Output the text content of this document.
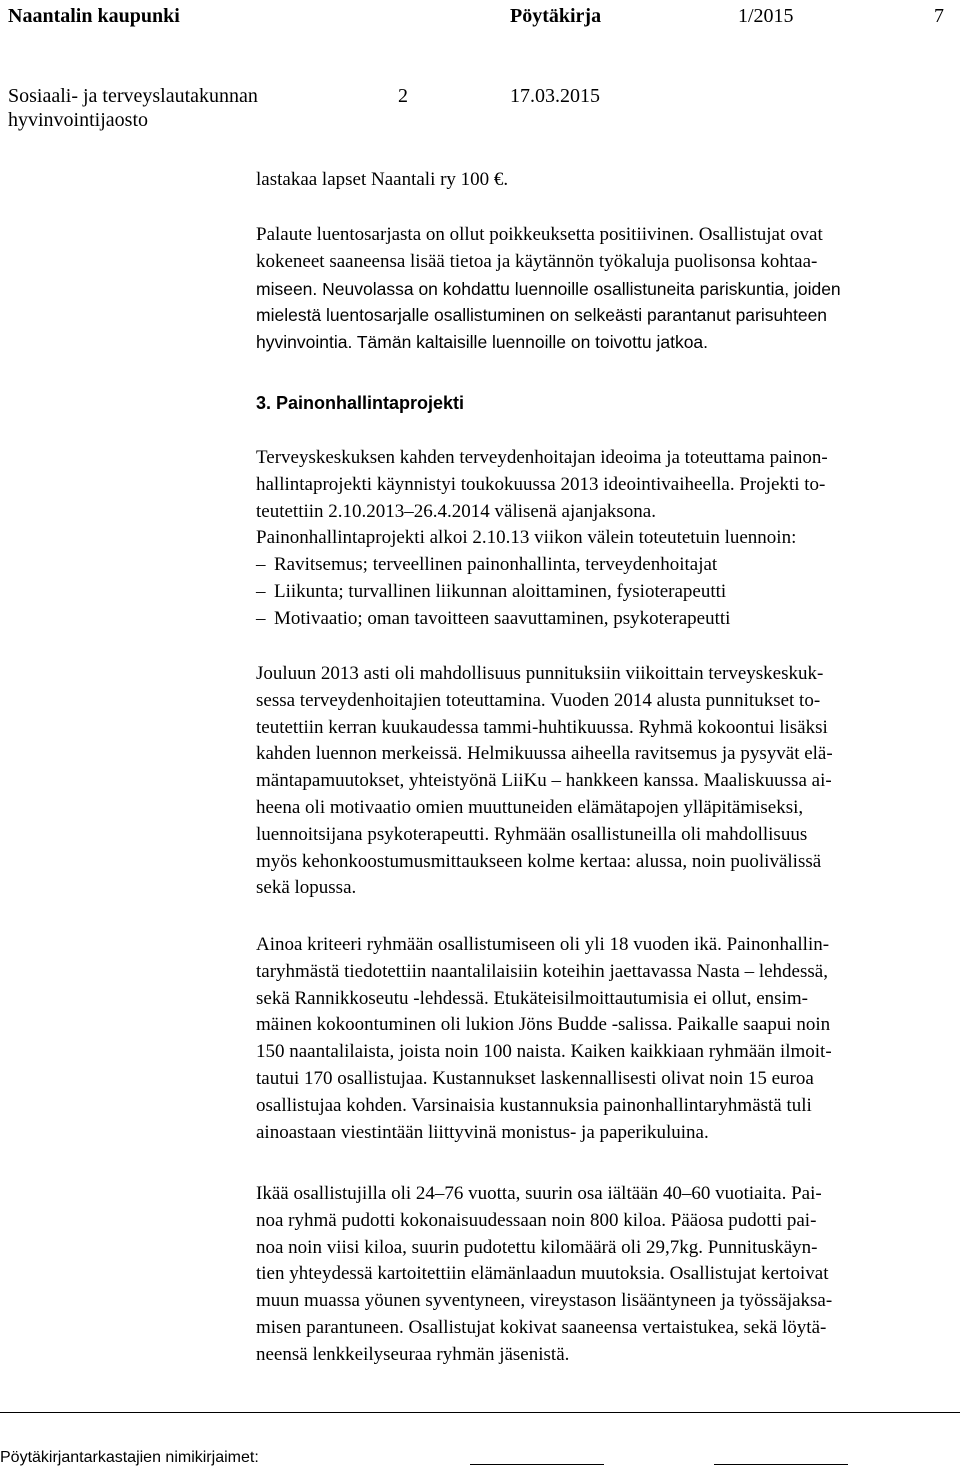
Naantalin kaupunki	Pöytäkirja	1/2015	7
Sosiaali- ja terveyslautakunnan
hyvinvointijaosto
2	17.03.2015
lastakaa lapset Naantali ry 100 €.
Palaute luentosarjasta on ollut poikkeuksetta positiivinen. Osallistujat ovat
kokeneet saaneensa lisää tietoa ja käytännön työkaluja puolisonsa kohtaa-
miseen. Neuvolassa on kohdattu luennoille osallistuneita pariskuntia, joiden
mielestä luentosarjalle osallistuminen on selkeästi parantanut parisuhteen
hyvinvointia. Tämän kaltaisille luennoille on toivottu jatkoa.
3. Painonhallintaprojekti
Terveyskeskuksen kahden terveydenhoitajan ideoima ja toteuttama painon-
hallintaprojekti käynnistyi toukokuussa 2013 ideointivaiheella. Projekti to-
teutettiin 2.10.2013–26.4.2014 välisenä ajanjaksona.
Painonhallintaprojekti alkoi 2.10.13 viikon välein toteutetuin luennoin:
– Ravitsemus; terveellinen painonhallinta, terveydenhoitajat
– Liikunta; turvallinen liikunnan aloittaminen, fysioterapeutti
– Motivaatio; oman tavoitteen saavuttaminen, psykoterapeutti
Jouluun 2013 asti oli mahdollisuus punnituksiin viikoittain terveyskeskuk-
sessa terveydenhoitajien toteuttamina. Vuoden 2014 alusta punnitukset to-
teutettiin kerran kuukaudessa tammi-huhtikuussa. Ryhmä kokoontui lisäksi
kahden luennon merkeissä. Helmikuussa aiheella ravitsemus ja pysyvät elä-
mäntapamuutokset, yhteistyönä LiiKu – hankkeen kanssa. Maaliskuussa ai-
heena oli motivaatio omien muuttuneiden elämätapojen ylläpitämiseksi,
luennoitsijana psykoterapeutti. Ryhmään osallistuneilla oli mahdollisuus
myös kehonkoostumusmittaukseen kolme kertaa: alussa, noin puolivälissä
sekä lopussa.
Ainoa kriteeri ryhmään osallistumiseen oli yli 18 vuoden ikä. Painonhallin-
taryhmästä tiedotettiin naantalilaisiin koteihin jaettavassa Nasta – lehdessä,
sekä Rannikkoseutu -lehdessä. Etukäteisilmoittautumisia ei ollut, ensim-
mäinen kokoontuminen oli lukion Jöns Budde -salissa. Paikalle saapui noin
150 naantalilaista, joista noin 100 naista. Kaiken kaikkiaan ryhmään ilmoit-
tautui 170 osallistujaa. Kustannukset laskennallisesti olivat noin 15 euroa
osallistujaa kohden. Varsinaisia kustannuksia painonhallintaryhmästä tuli
ainoastaan viestintään liittyvinä monistus- ja paperikuluina.
Ikää osallistujilla oli 24–76 vuotta, suurin osa iältään 40–60 vuotiaita. Pai-
noa ryhmä pudotti kokonaisuudessaan noin 800 kiloa. Pääosa pudotti pai-
noa noin viisi kiloa, suurin pudotettu kilomäärä oli 29,7kg. Punnituskäyn-
tien yhteydessä kartoitettiin elämänlaadun muutoksia. Osallistujat kertoivat
muun muassa yöunen syventyneen, vireystason lisääntyneen ja työssäjaksa-
misen parantuneen. Osallistujat kokivat saaneensa vertaistukea, sekä löytä-
neensä lenkkeilyseuraa ryhmän jäsenistä.
Pöytäkirjantarkastajien nimikirjaimet:
